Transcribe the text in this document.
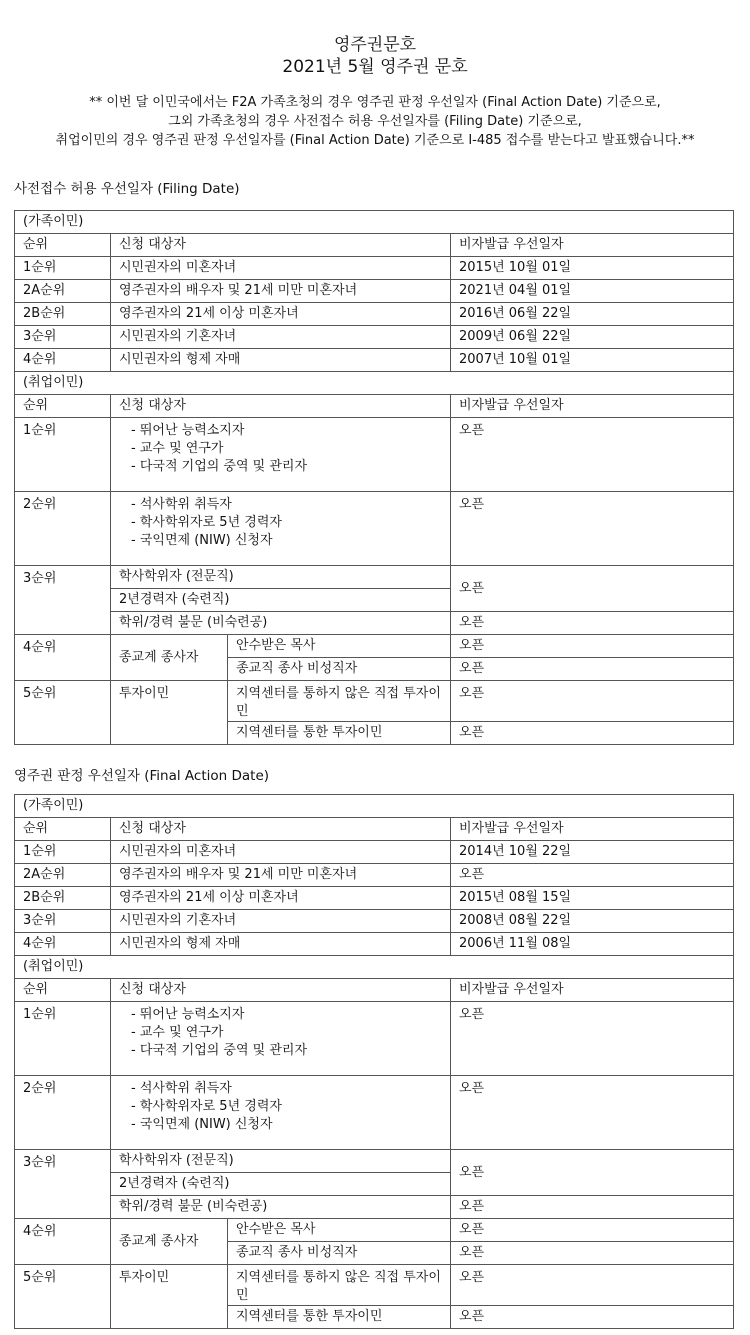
영주권문호
2021년 5월 영주권 문호
** 이번 달 이민국에서는 F2A 가족초청의 경우 영주권 판정 우선일자 (Final Action Date) 기준으로,
그외 가족초청의 경우 사전접수 허용 우선일자를 (Filing Date) 기준으로,
취업이민의 경우 영주권 판정 우선일자를 (Final Action Date) 기준으로 I-485 접수를 받는다고 발표했습니다.**
사전접수 허용 우선일자 (Filing Date)
(가족이민)			
순위	신청 대상자		비자발급 우선일자
1순위	시민권자의 미혼자녀		2015년 10월 01일
2A순위	영주권자의 배우자 및 21세 미만 미혼자녀		2021년 04월 01일
2B순위	영주권자의 21세 이상 미혼자녀		2016년 06월 22일
3순위	시민권자의 기혼자녀		2009년 06월 22일
4순위	시민권자의 형제 자매		2007년 10월 01일
(취업이민)			
순위	신청 대상자		비자발급 우선일자
1순위	- 뛰어난 능력소지자
- 교수 및 연구가
- 다국적 기업의 중역 및 관리자		오픈
2순위	- 석사학위 취득자
- 학사학위자로 5년 경력자
- 국익면제 (NIW) 신청자		오픈
3순위	학사학위자 (전문직)		오픈
	2년경력자 (숙련직)		
	학위/경력 불문 (비숙련공)		오픈
4순위	종교계 종사자	안수받은 목사	오픈
		종교직 종사 비성직자	오픈
5순위	투자이민	지역센터를 통하지 않은 직접 투자이민	오픈
		지역센터를 통한 투자이민	오픈
영주권 판정 우선일자 (Final Action Date)
(가족이민)			
순위	신청 대상자		비자발급 우선일자
1순위	시민권자의 미혼자녀		2014년 10월 22일
2A순위	영주권자의 배우자 및 21세 미만 미혼자녀		오픈
2B순위	영주권자의 21세 이상 미혼자녀		2015년 08월 15일
3순위	시민권자의 기혼자녀		2008년 08월 22일
4순위	시민권자의 형제 자매		2006년 11월 08일
(취업이민)			
순위	신청 대상자		비자발급 우선일자
1순위	- 뛰어난 능력소지자
- 교수 및 연구가
- 다국적 기업의 중역 및 관리자		오픈
2순위	- 석사학위 취득자
- 학사학위자로 5년 경력자
- 국익면제 (NIW) 신청자		오픈
3순위	학사학위자 (전문직)		오픈
	2년경력자 (숙련직)		
	학위/경력 불문 (비숙련공)		오픈
4순위	종교계 종사자	안수받은 목사	오픈
		종교직 종사 비성직자	오픈
5순위	투자이민	지역센터를 통하지 않은 직접 투자이민	오픈
		지역센터를 통한 투자이민	오픈
